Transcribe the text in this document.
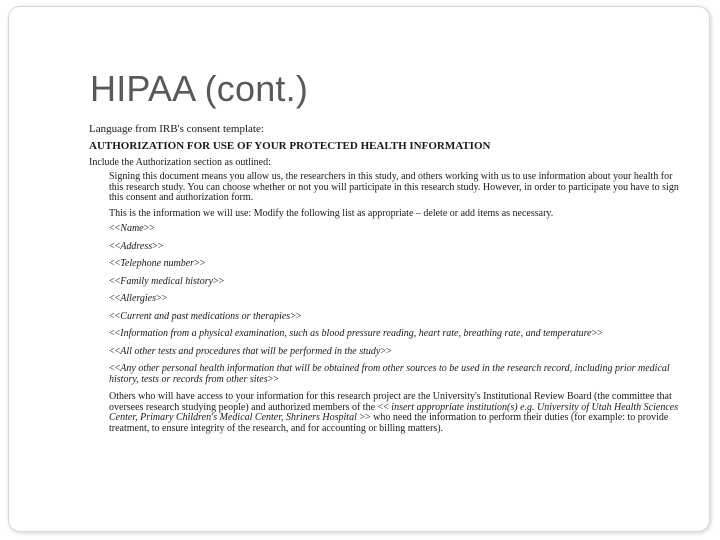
HIPAA (cont.)
Language from IRB's consent template:
AUTHORIZATION FOR USE OF YOUR PROTECTED HEALTH INFORMATION
Include the Authorization section as outlined:
Signing this document means you allow us, the researchers in this study, and others working with us to use information about your health for this research study. You can choose whether or not you will participate in this research study. However, in order to participate you have to sign this consent and authorization form.
This is the information we will use: Modify the following list as appropriate – delete or add items as necessary.
<<Name>>
<<Address>>
<<Telephone number>>
<<Family medical history>>
<<Allergies>>
<<Current and past medications or therapies>>
<<Information from a physical examination, such as blood pressure reading, heart rate, breathing rate, and temperature>>
<<All other tests and procedures that will be performed in the study>>
<<Any other personal health information that will be obtained from other sources to be used in the research record, including prior medical history, tests or records from other sites>>
Others who will have access to your information for this research project are the University's Institutional Review Board (the committee that oversees research studying people) and authorized members of the << insert appropriate institution(s) e.g. University of Utah Health Sciences Center, Primary Children's Medical Center, Shriners Hospital >> who need the information to perform their duties (for example: to provide treatment, to ensure integrity of the research, and for accounting or billing matters).
